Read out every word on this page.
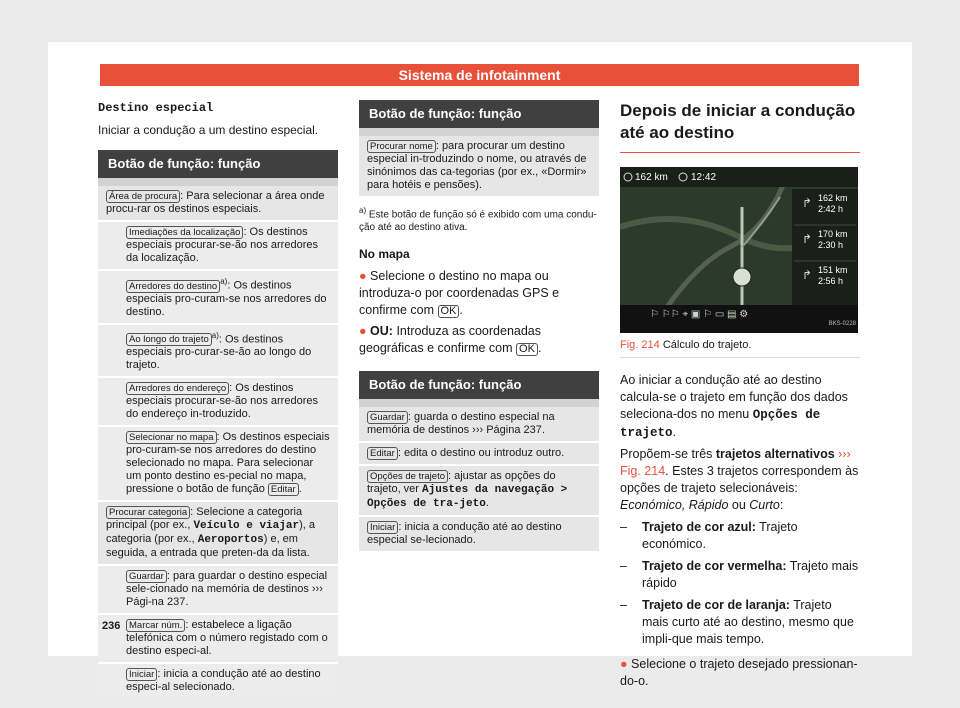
Sistema de infotainment
Destino especial
Iniciar a condução a um destino especial.
Botão de função: função
Área de procura : Para selecionar a área onde procu-rar os destinos especiais.
Imediações da localização : Os destinos especiais procurar-se-ão nos arredores da localização.
Arredores do destino $^{a)}$: Os destinos especiais pro-curam-se nos arredores do destino.
Ao longo do trajeto $^{a)}$: Os destinos especiais pro-curar-se-ão ao longo do trajeto.
Arredores do endereço : Os destinos especiais procurar-se-ão nos arredores do endereço in-troduzido.
Selecionar no mapa : Os destinos especiais pro-curam-se nos arredores do destino selecionado no mapa. Para selecionar um ponto destino es-pecial no mapa, pressione o botão de função Editar .
Procurar categoria : Selecione a categoria principal (por ex., Veículo e viajar), a categoria (por ex., Aeroportos) e, em seguida, a entrada que preten-da da lista.
Guardar : para guardar o destino especial sele-cionado na memória de destinos ››› Pági-na 237.
Marcar núm. : estabelece a ligação telefónica com o número registado com o destino especi-al.
Iniciar : inicia a condução até ao destino especi-al selecionado.
Botão de função: função
Procurar nome : para procurar um destino especial in-troduzindo o nome, ou através de sinónimos das ca-tegorias (por ex., «Dormir» para hotéis e pensões).
$^{a)}$ Este botão de função só é exibido com uma condu-ção até ao destino ativa.
No mapa
● Selecione o destino no mapa ou introduza-o por coordenadas GPS e confirme com OK .
● OU: Introduza as coordenadas geográficas e confirme com OK .
Botão de função: função
Guardar : guarda o destino especial na memória de destinos ››› Página 237.
Editar : edita o destino ou introduz outro.
Opções de trajeto : ajustar as opções do trajeto, ver Ajustes da navegação > Opções de tra-jeto.
Iniciar : inicia a condução até ao destino especial se-lecionado.
Depois de iniciar a condução até ao destino
⚐ ⚐⚐ ⌖ ▣ ⚐ ▭ ▤ ⚙
↱
↱
↱
162 km 12:42
162 km
2:42 h
170 km
2:30 h
151 km
2:56 h
BKS-0228
Fig. 214 Cálculo do trajeto.
Ao iniciar a condução até ao destino calcula-se o trajeto em função dos dados seleciona-dos no menu Opções de trajeto.
Propõem-se três trajetos alternativos ››› Fig. 214. Estes 3 trajetos correspondem às opções de trajeto selecionáveis: Económico, Rápido ou Curto:
–	Trajeto de cor azul: Trajeto económico.
–	Trajeto de cor vermelha: Trajeto mais rápido
–	Trajeto de cor de laranja: Trajeto mais curto até ao destino, mesmo que impli-que mais tempo.
● Selecione o trajeto desejado pressionan-do-o.
236
